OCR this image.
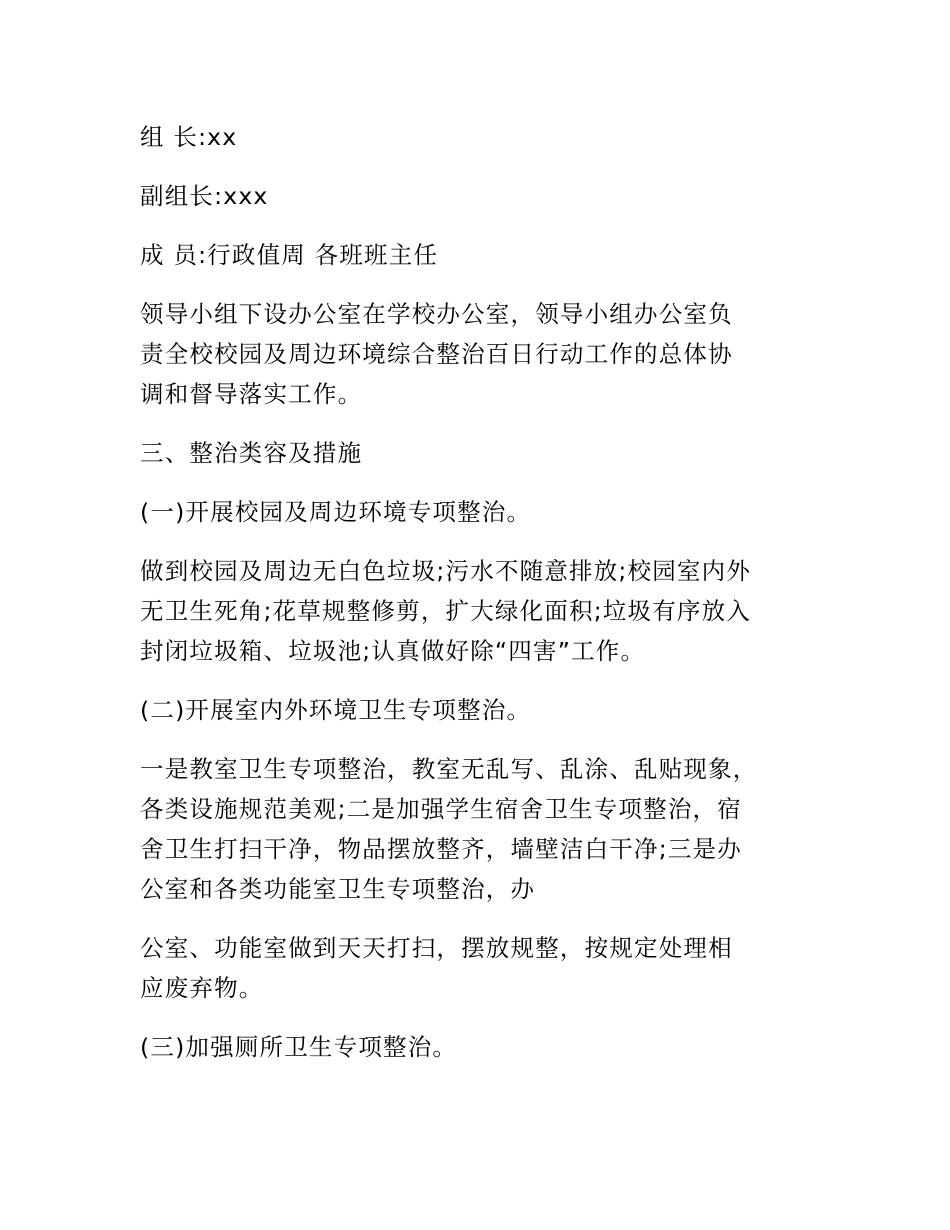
组 长:xx

副组长:xxx

成 员:行政值周 各班班主任

领导小组下设办公室在学校办公室，领导小组办公室负
责全校校园及周边环境综合整治百日行动工作的总体协
调和督导落实工作。

三、整治类容及措施

(一)开展校园及周边环境专项整治。

做到校园及周边无白色垃圾;污水不随意排放;校园室内外
无卫生死角;花草规整修剪，扩大绿化面积;垃圾有序放入
封闭垃圾箱、垃圾池;认真做好除“四害”工作。

(二)开展室内外环境卫生专项整治。

一是教室卫生专项整治，教室无乱写、乱涂、乱贴现象，
各类设施规范美观;二是加强学生宿舍卫生专项整治，宿
舍卫生打扫干净，物品摆放整齐，墙壁洁白干净;三是办
公室和各类功能室卫生专项整治，办

公室、功能室做到天天打扫，摆放规整，按规定处理相
应废弃物。

(三)加强厕所卫生专项整治。
